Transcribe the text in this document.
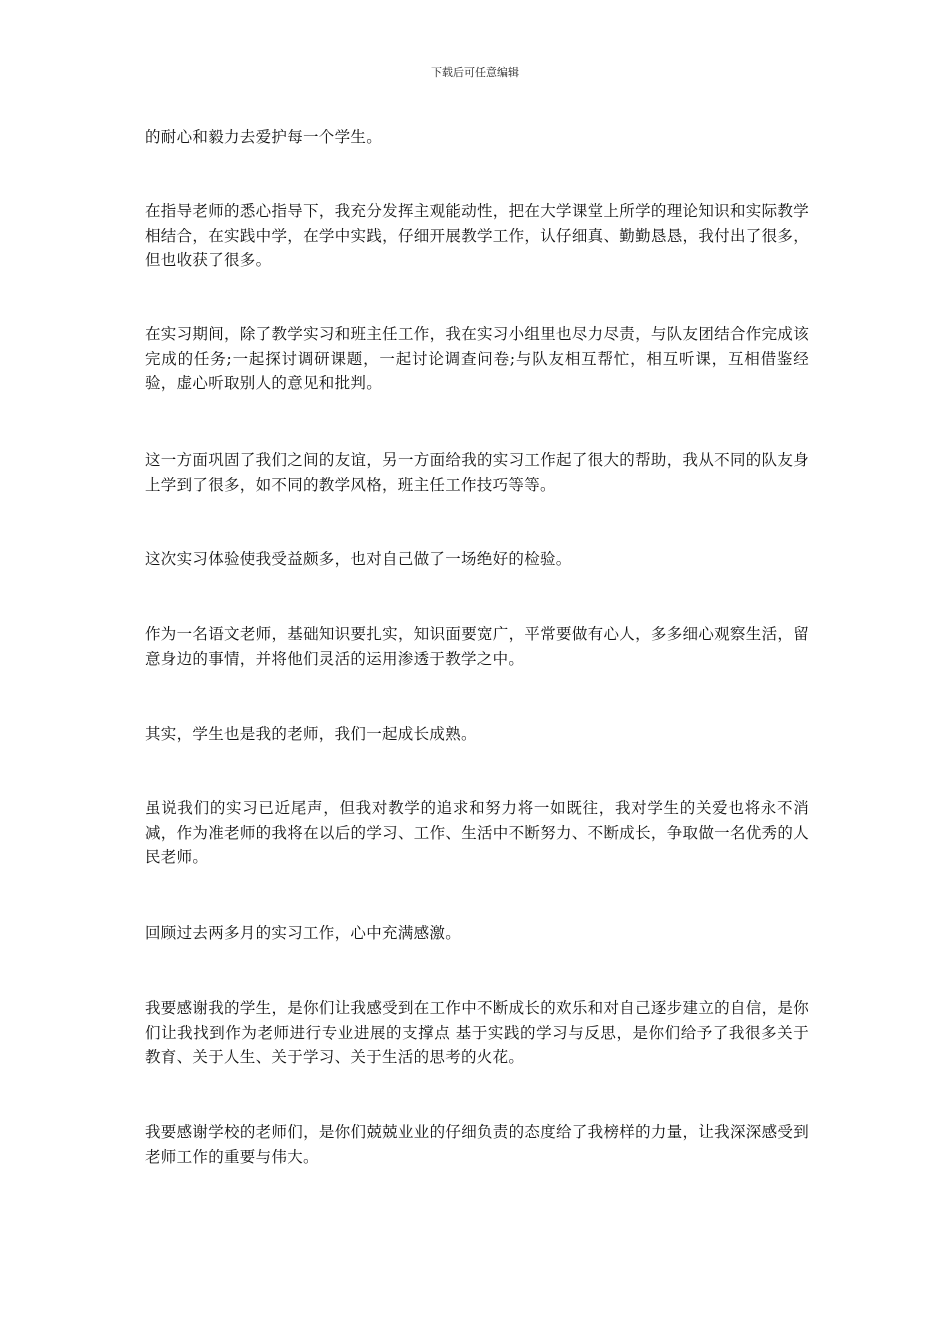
下载后可任意编辑

的耐心和毅力去爱护每一个学生。

在指导老师的悉心指导下，我充分发挥主观能动性，把在大学课堂上所学的理论知识和实际教学相结合，在实践中学，在学中实践，仔细开展教学工作，认仔细真、勤勤恳恳，我付出了很多，但也收获了很多。

在实习期间，除了教学实习和班主任工作，我在实习小组里也尽力尽责，与队友团结合作完成该完成的任务;一起探讨调研课题，一起讨论调查问卷;与队友相互帮忙，相互听课，互相借鉴经验，虚心听取别人的意见和批判。

这一方面巩固了我们之间的友谊，另一方面给我的实习工作起了很大的帮助，我从不同的队友身上学到了很多，如不同的教学风格，班主任工作技巧等等。

这次实习体验使我受益颇多，也对自己做了一场绝好的检验。

作为一名语文老师，基础知识要扎实，知识面要宽广，平常要做有心人，多多细心观察生活，留意身边的事情，并将他们灵活的运用渗透于教学之中。

其实，学生也是我的老师，我们一起成长成熟。

虽说我们的实习已近尾声，但我对教学的追求和努力将一如既往，我对学生的关爱也将永不消减，作为准老师的我将在以后的学习、工作、生活中不断努力、不断成长，争取做一名优秀的人民老师。

回顾过去两多月的实习工作，心中充满感激。

我要感谢我的学生，是你们让我感受到在工作中不断成长的欢乐和对自己逐步建立的自信，是你们让我找到作为老师进行专业进展的支撑点 基于实践的学习与反思，是你们给予了我很多关于教育、关于人生、关于学习、关于生活的思考的火花。

我要感谢学校的老师们，是你们兢兢业业的仔细负责的态度给了我榜样的力量，让我深深感受到老师工作的重要与伟大。
